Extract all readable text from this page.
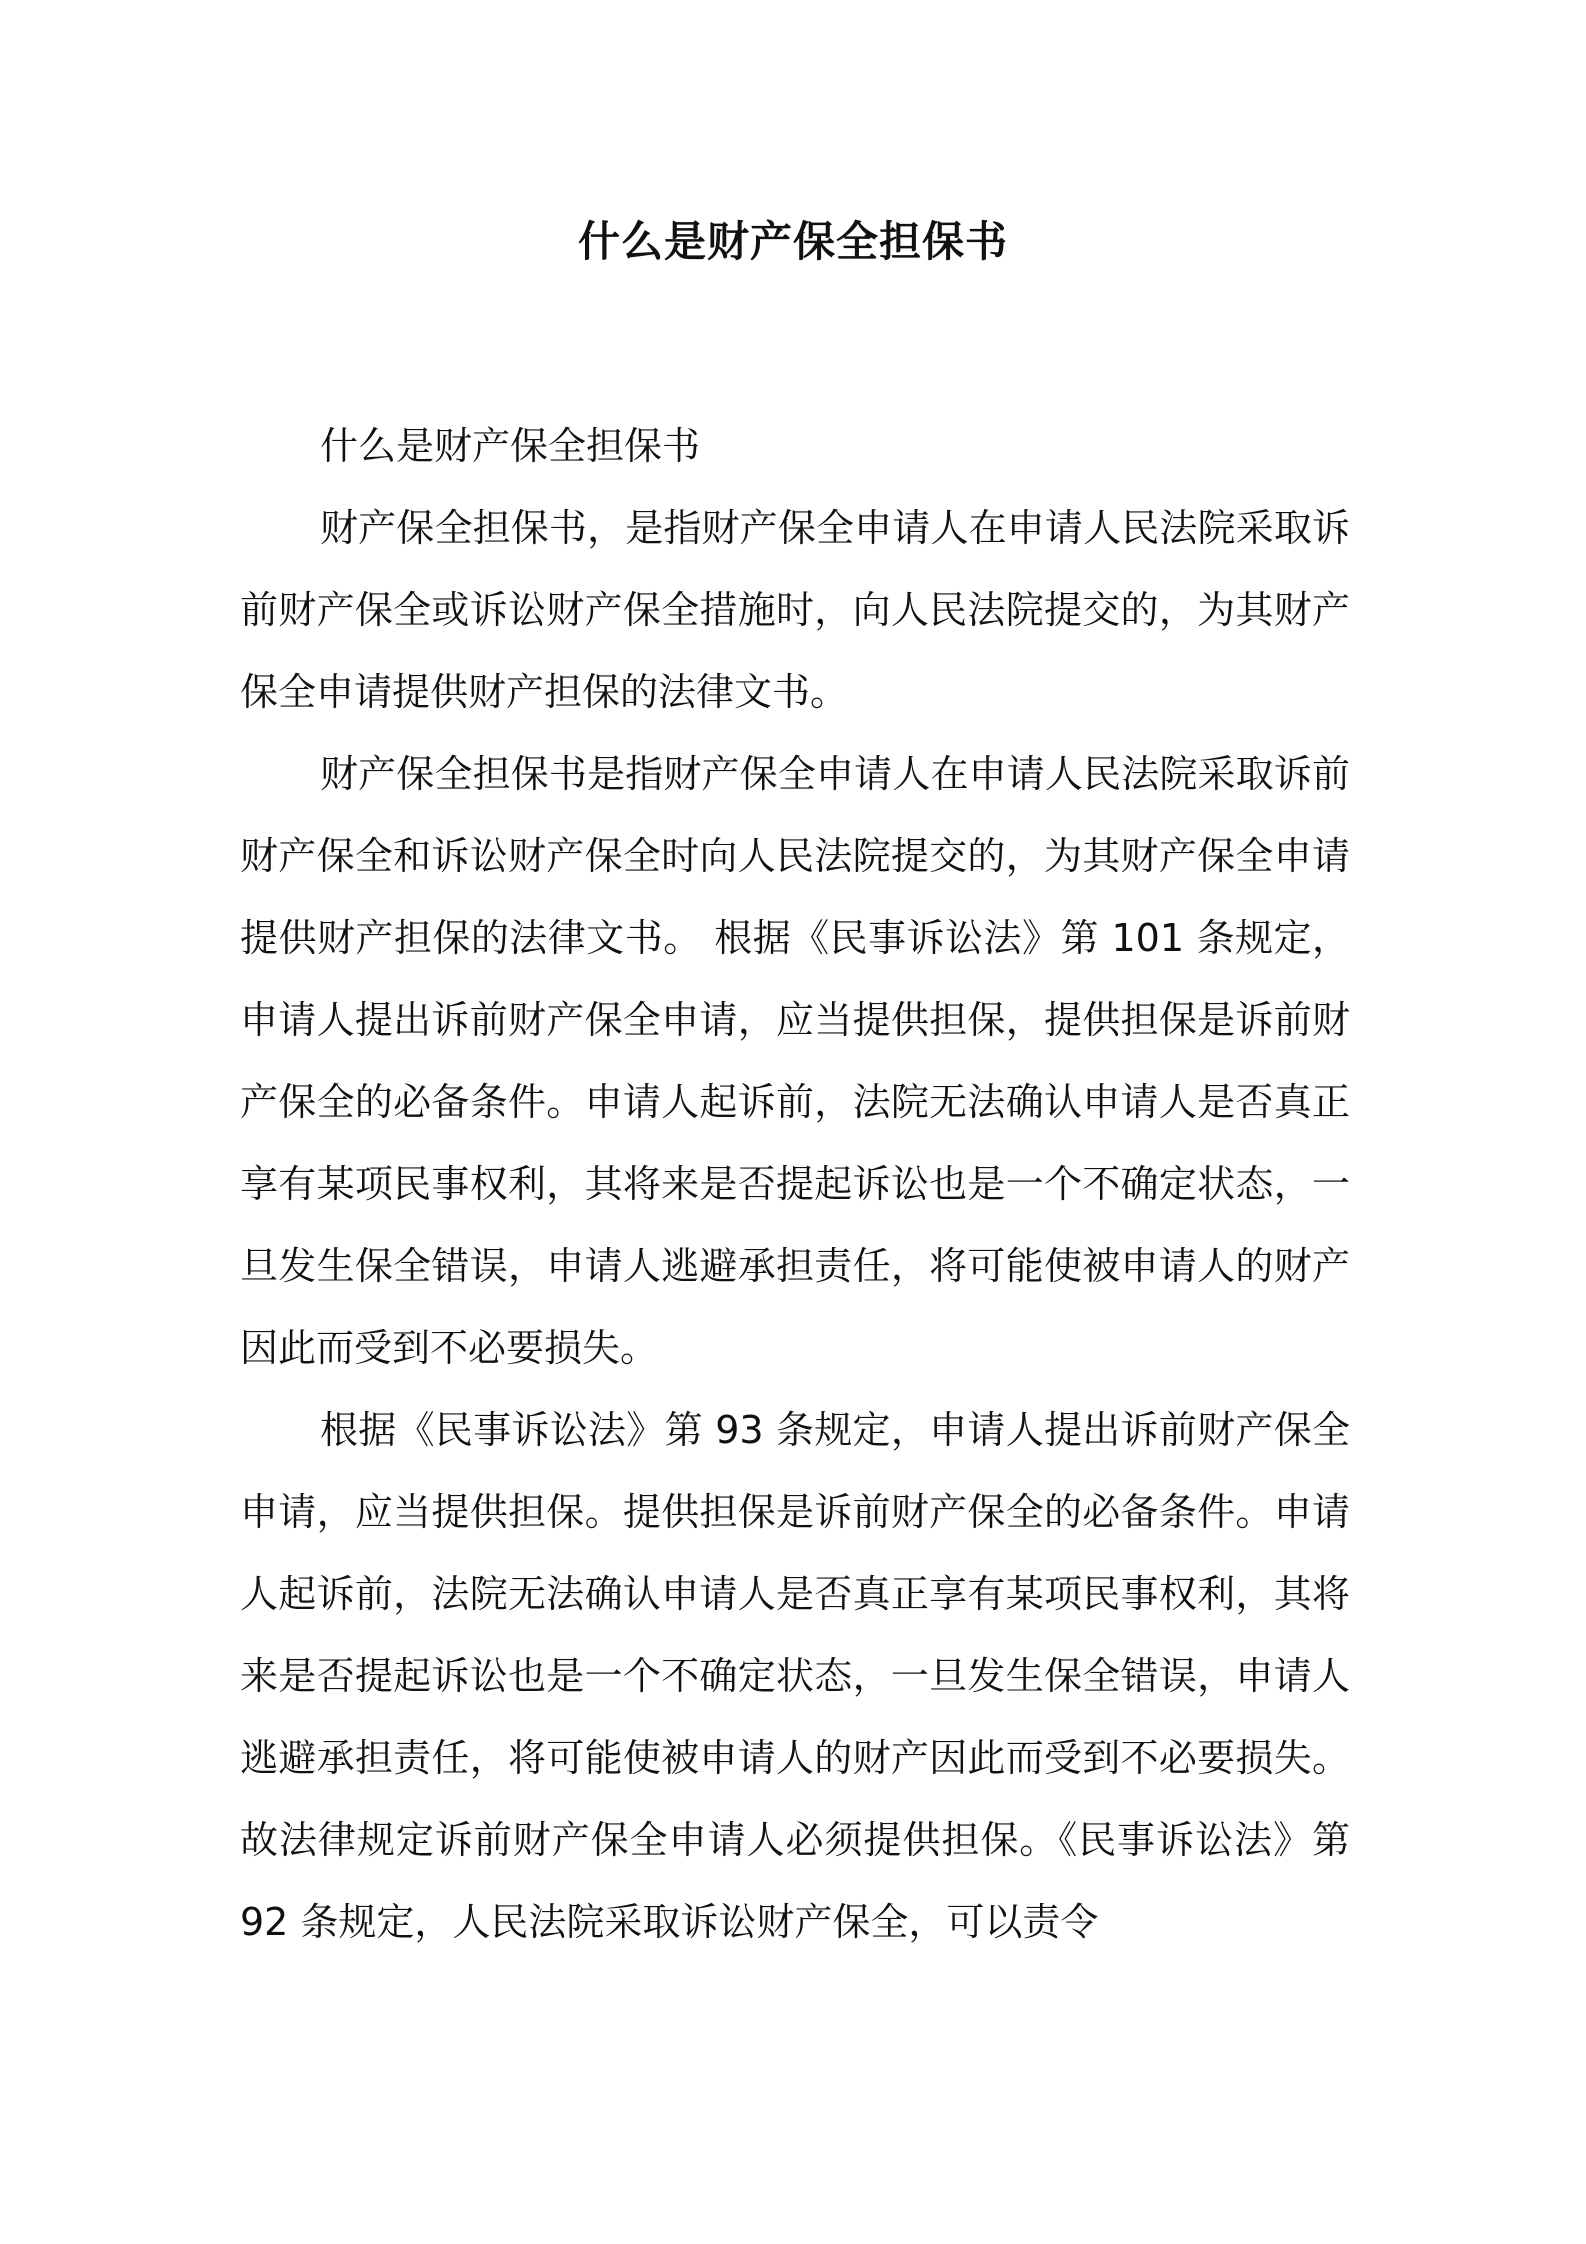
什么是财产保全担保书

什么是财产保全担保书

财产保全担保书，是指财产保全申请人在申请人民法院采取诉前财产保全或诉讼财产保全措施时，向人民法院提交的，为其财产保全申请提供财产担保的法律文书。

财产保全担保书是指财产保全申请人在申请人民法院采取诉前财产保全和诉讼财产保全时向人民法院提交的，为其财产保全申请提供财产担保的法律文书。 根据《民事诉讼法》第 101 条规定，申请人提出诉前财产保全申请，应当提供担保，提供担保是诉前财产保全的必备条件。申请人起诉前，法院无法确认申请人是否真正享有某项民事权利，其将来是否提起诉讼也是一个不确定状态，一旦发生保全错误，申请人逃避承担责任，将可能使被申请人的财产因此而受到不必要损失。

根据《民事诉讼法》第 93 条规定，申请人提出诉前财产保全申请，应当提供担保。提供担保是诉前财产保全的必备条件。申请人起诉前，法院无法确认申请人是否真正享有某项民事权利，其将来是否提起诉讼也是一个不确定状态，一旦发生保全错误，申请人逃避承担责任，将可能使被申请人的财产因此而受到不必要损失。故法律规定诉前财产保全申请人必须提供担保。《民事诉讼法》第 92 条规定，人民法院采取诉讼财产保全，可以责令
